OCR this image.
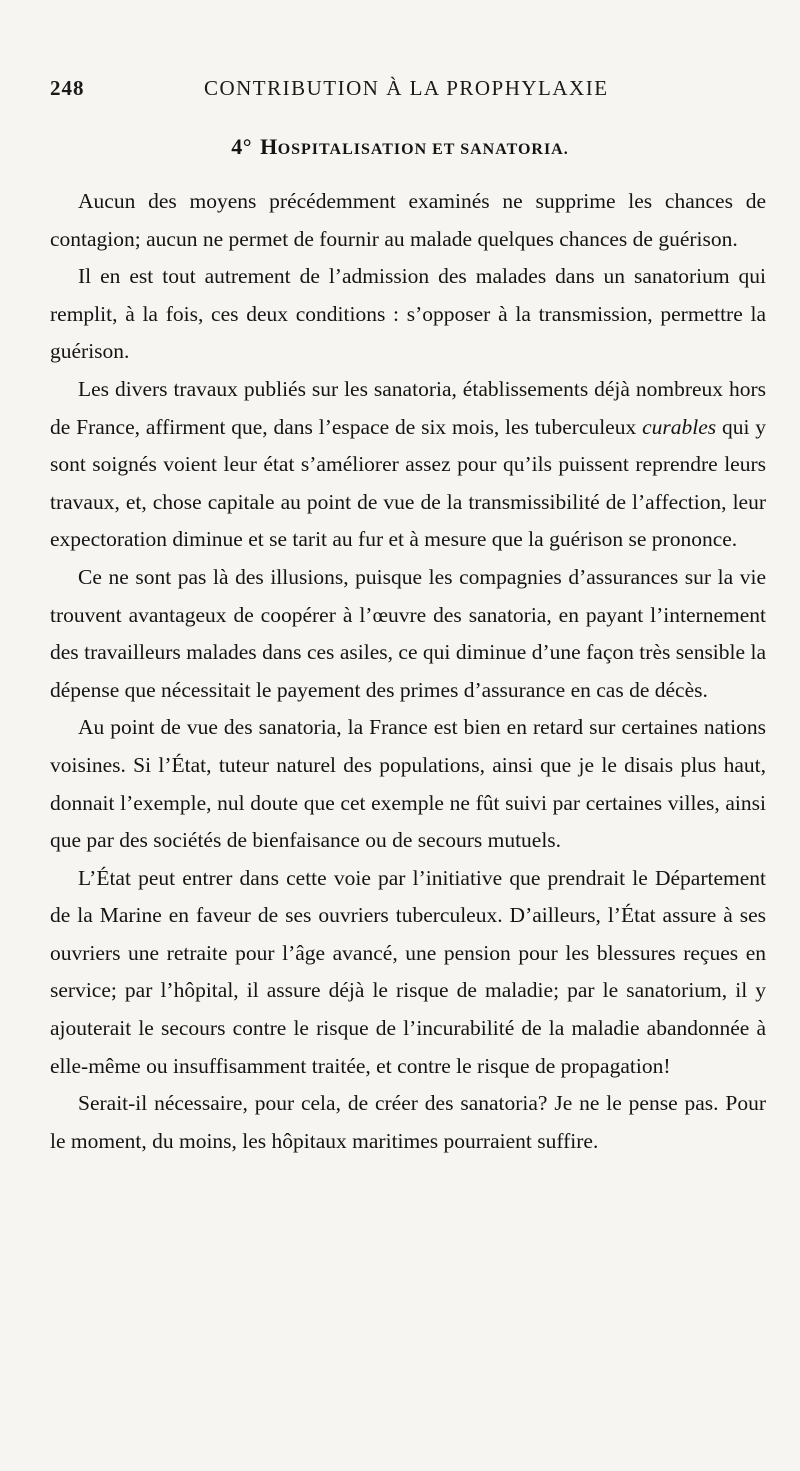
248	CONTRIBUTION À LA PROPHYLAXIE
4° HOSPITALISATION ET SANATORIA.

Aucun des moyens précédemment examinés ne supprime les chances de contagion; aucun ne permet de fournir au malade quelques chances de guérison.

Il en est tout autrement de l’admission des malades dans un sanatorium qui remplit, à la fois, ces deux conditions : s’opposer à la transmission, permettre la guérison.

Les divers travaux publiés sur les sanatoria, établissements déjà nombreux hors de France, affirment que, dans l’espace de six mois, les tuberculeux curables qui y sont soignés voient leur état s’améliorer assez pour qu’ils puissent reprendre leurs travaux, et, chose capitale au point de vue de la transmissibilité de l’affection, leur expectoration diminue et se tarit au fur et à mesure que la guérison se prononce.

Ce ne sont pas là des illusions, puisque les compagnies d’assurances sur la vie trouvent avantageux de coopérer à l’œuvre des sanatoria, en payant l’internement des travailleurs malades dans ces asiles, ce qui diminue d’une façon très sensible la dépense que nécessitait le payement des primes d’assurance en cas de décès.

Au point de vue des sanatoria, la France est bien en retard sur certaines nations voisines. Si l’État, tuteur naturel des populations, ainsi que je le disais plus haut, donnait l’exemple, nul doute que cet exemple ne fût suivi par certaines villes, ainsi que par des sociétés de bienfaisance ou de secours mutuels.

L’État peut entrer dans cette voie par l’initiative que prendrait le Département de la Marine en faveur de ses ouvriers tuberculeux. D’ailleurs, l’État assure à ses ouvriers une retraite pour l’âge avancé, une pension pour les blessures reçues en service; par l’hôpital, il assure déjà le risque de maladie; par le sanatorium, il y ajouterait le secours contre le risque de l’incurabilité de la maladie abandonnée à elle-même ou insuffisamment traitée, et contre le risque de propagation!

Serait-il nécessaire, pour cela, de créer des sanatoria? Je ne le pense pas. Pour le moment, du moins, les hôpitaux maritimes pourraient suffire.
